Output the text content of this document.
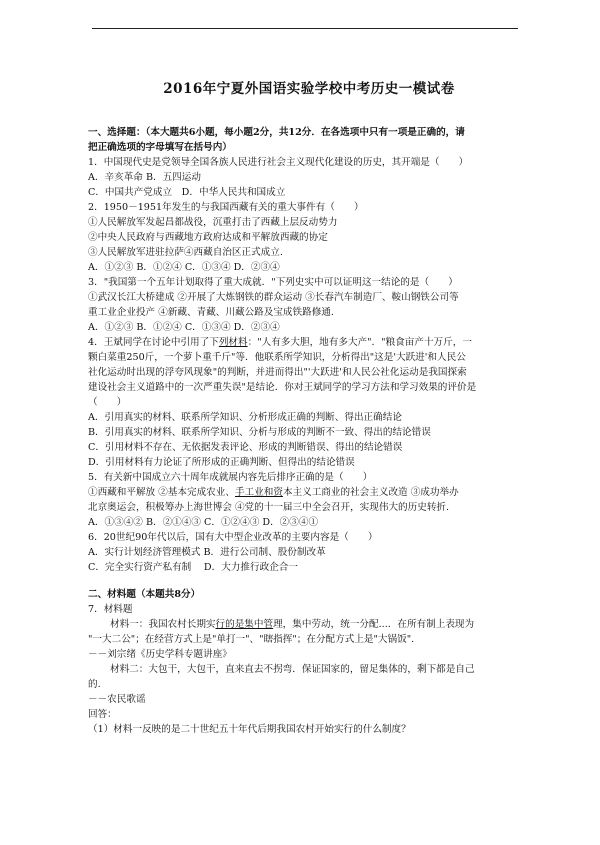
2016年宁夏外国语实验学校中考历史一模试卷
一、选择题：（本大题共6小题，每小题2分，共12分．在各选项中只有一项是正确的，请
把正确选项的字母填写在括号内）
1．中国现代史是党领导全国各族人民进行社会主义现代化建设的历史，其开端是（　　）
A．辛亥革命 B．五四运动
C．中国共产党成立　D．中华人民共和国成立
2．1950－1951年发生的与我国西藏有关的重大事件有（　　）
①人民解放军发起昌都战役，沉重打击了西藏上层反动势力
②中央人民政府与西藏地方政府达成和平解放西藏的协定
③人民解放军进驻拉萨④西藏自治区正式成立.
A．①②③ B．①②④ C．①③④ D．②③④
3．"我国第一个五年计划取得了重大成就．"下列史实中可以证明这一结论的是（　　）
①武汉长江大桥建成 ②开展了大炼钢铁的群众运动 ③长春汽车制造厂、鞍山钢铁公司等
重工业企业投产 ④新藏、青藏、川藏公路及宝成铁路修通.
A．①②③ B．①②④ C．①③④ D．②③④
4．王斌同学在讨论中引用了下列材料："人有多大胆，地有多大产"．"粮食亩产十万斤，一
颗白菜重250斤，一个萝卜重千斤"等．他联系所学知识，分析得出"这是'大跃进'和人民公
社化运动时出现的浮夸风现象"的判断，并进而得出"'大跃进'和人民公社化运动是我国探索
建设社会主义道路中的一次严重失误"是结论．你对王斌同学的学习方法和学习效果的评价是
（　　）
A．引用真实的材料、联系所学知识、分析形成正确的判断、得出正确结论
B．引用真实的材料、联系所学知识、分析与形成的判断不一致、得出的结论错误
C．引用材料不存在、无依据发表评论、形成的判断错误、得出的结论错误
D．引用材料有力论证了所形成的正确判断、但得出的结论错误
5．有关新中国成立六十周年成就展内容先后排序正确的是（　　）
①西藏和平解放 ②基本完成农业、手工业和资本主义工商业的社会主义改造 ③成功举办
北京奥运会，积极筹办上海世博会 ④党的十一届三中全会召开，实现伟大的历史转折.
A．①③④② B．②①④③ C．①②④③ D．②③④①
6．20世纪90年代以后，国有大中型企业改革的主要内容是（　　）
A．实行计划经济管理模式 B．进行公司制、股份制改革
C．完全实行资产私有制　 D．大力推行政企合一
二、材料题（本题共8分）
7．材料题
材料一：我国农村长期实行的是集中管理，集中劳动，统一分配...．在所有制上表现为
"一大二公"；在经营方式上是"单打一"、"瞎指挥"；在分配方式上是"大锅饭".
－－刘宗绪《历史学科专题讲座》
材料二：大包干，大包干，直来直去不拐弯．保证国家的，留足集体的，剩下都是自己
的.
－－农民歌谣
回答：
（1）材料一反映的是二十世纪五十年代后期我国农村开始实行的什么制度？
